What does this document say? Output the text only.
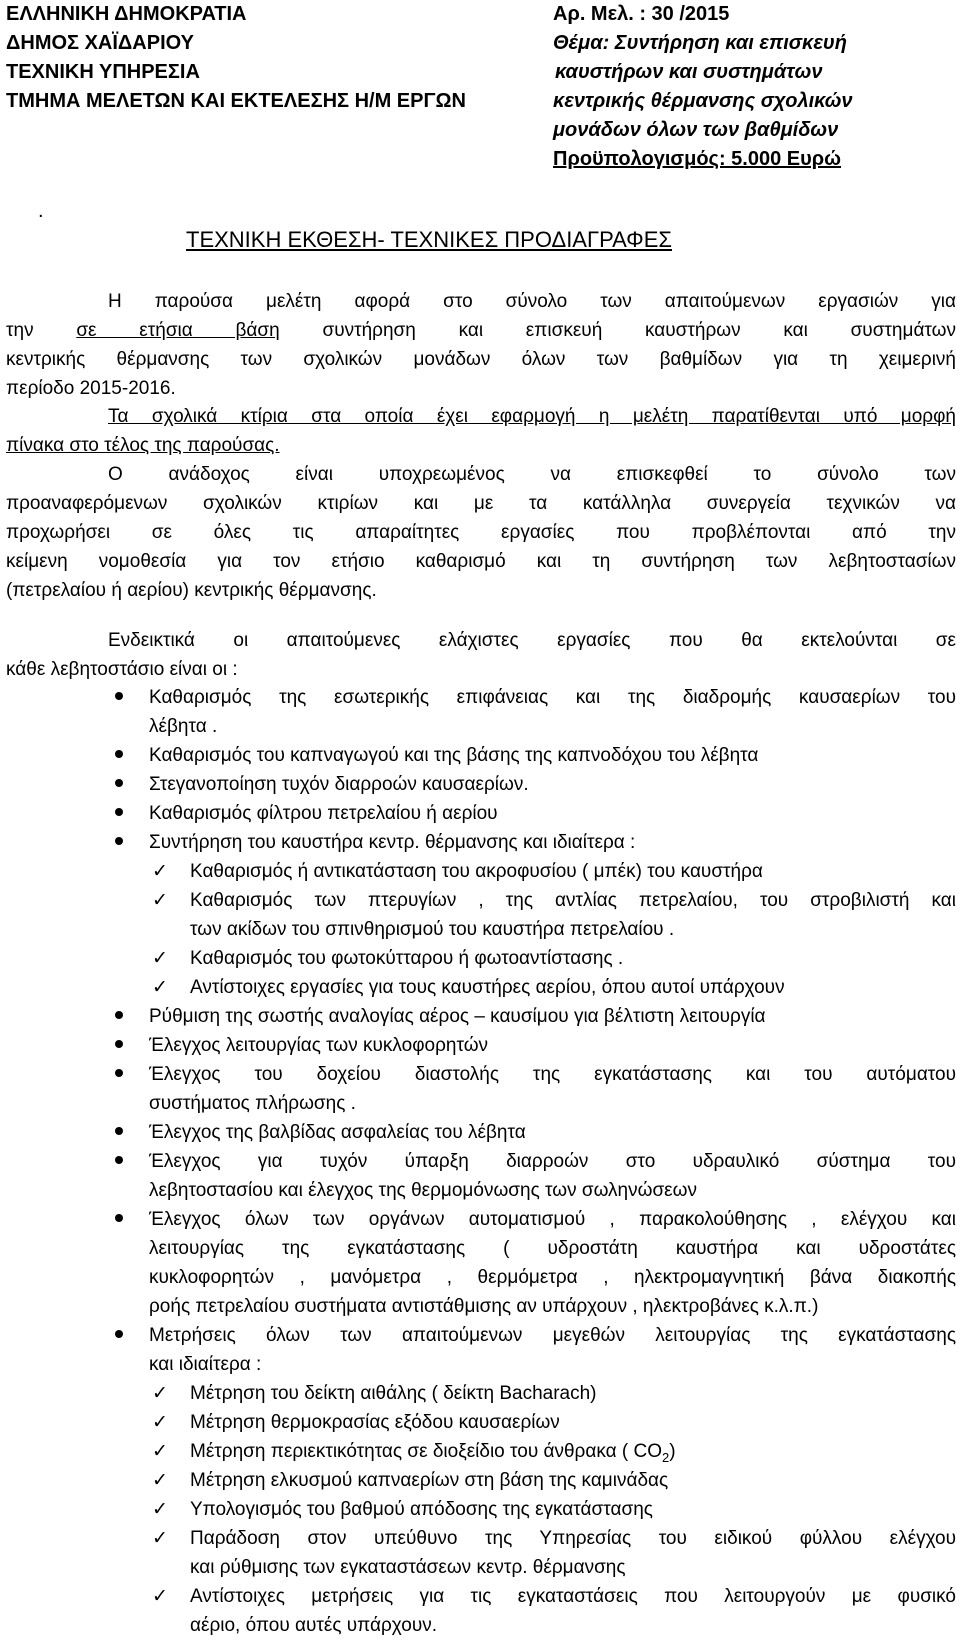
ΕΛΛΗΝΙΚΗ ΔΗΜΟΚΡΑΤΙΑ
ΔΗΜΟΣ ΧΑΪΔΑΡΙΟΥ
ΤΕΧΝΙΚΗ ΥΠΗΡΕΣΙΑ
ΤΜΗΜΑ ΜΕΛΕΤΩΝ ΚΑΙ ΕΚΤΕΛΕΣΗΣ Η/Μ ΕΡΓΩΝ
Αρ. Μελ. : 30 /2015
Θέμα: Συντήρηση και επισκευή
καυστήρων και συστημάτων
κεντρικής θέρμανσης σχολικών
μονάδων όλων των βαθμίδων
Προϋπολογισμός: 5.000 Ευρώ
.
ΤΕΧΝΙΚΗ ΕΚΘΕΣΗ- ΤΕΧΝΙΚΕΣ ΠΡΟΔΙΑΓΡΑΦΕΣ
Η παρούσα μελέτη αφορά στο σύνολο των απαιτούμενων εργασιών για
την σε ετήσια βάση συντήρηση και επισκευή καυστήρων και συστημάτων
κεντρικής θέρμανσης των σχολικών μονάδων όλων των βαθμίδων για τη χειμερινή
περίοδο 2015-2016.
Τα σχολικά κτίρια στα οποία έχει εφαρμογή η μελέτη παρατίθενται υπό μορφή
πίνακα στο τέλος της παρούσας.
Ο ανάδοχος είναι υποχρεωμένος να επισκεφθεί το σύνολο των
προαναφερόμενων σχολικών κτιρίων και με τα κατάλληλα συνεργεία τεχνικών να
προχωρήσει σε όλες τις απαραίτητες εργασίες που προβλέπονται από την
κείμενη νομοθεσία για τον ετήσιο καθαρισμό και τη συντήρηση των λεβητοστασίων
(πετρελαίου ή αερίου) κεντρικής θέρμανσης.
Ενδεικτικά οι απαιτούμενες ελάχιστες εργασίες που θα εκτελούνται σε
κάθε λεβητοστάσιο είναι οι :
Καθαρισμός της εσωτερικής επιφάνειας και της διαδρομής καυσαερίων του
λέβητα .
Καθαρισμός του καπναγωγού και της βάσης της καπνοδόχου του λέβητα
Στεγανοποίηση τυχόν διαρροών καυσαερίων.
Καθαρισμός φίλτρου πετρελαίου ή αερίου
Συντήρηση του καυστήρα κεντρ. θέρμανσης και ιδιαίτερα :
✓ Καθαρισμός ή αντικατάσταση του ακροφυσίου ( μπέκ) του καυστήρα
✓ Καθαρισμός των πτερυγίων , της αντλίας πετρελαίου, του στροβιλιστή και
των ακίδων του σπινθηρισμού του καυστήρα πετρελαίου .
✓ Καθαρισμός του φωτοκύτταρου ή φωτοαντίστασης .
✓ Αντίστοιχες εργασίες για τους καυστήρες αερίου, όπου αυτοί υπάρχουν
Ρύθμιση της σωστής αναλογίας αέρος – καυσίμου για βέλτιστη λειτουργία
Έλεγχος λειτουργίας των κυκλοφορητών
Έλεγχος του δοχείου διαστολής της εγκατάστασης και του αυτόματου
συστήματος πλήρωσης .
Έλεγχος της βαλβίδας ασφαλείας του λέβητα
Έλεγχος για τυχόν ύπαρξη διαρροών στο υδραυλικό σύστημα του
λεβητοστασίου και έλεγχος της θερμομόνωσης των σωληνώσεων
Έλεγχος όλων των οργάνων αυτοματισμού , παρακολούθησης , ελέγχου και
λειτουργίας της εγκατάστασης ( υδροστάτη καυστήρα και υδροστάτες
κυκλοφορητών , μανόμετρα , θερμόμετρα , ηλεκτρομαγνητική βάνα διακοπής
ροής πετρελαίου συστήματα αντιστάθμισης αν υπάρχουν , ηλεκτροβάνες κ.λ.π.)
Μετρήσεις όλων των απαιτούμενων μεγεθών λειτουργίας της εγκατάστασης
και ιδιαίτερα :
✓ Μέτρηση του δείκτη αιθάλης ( δείκτη Bacharach)
✓ Μέτρηση θερμοκρασίας εξόδου καυσαερίων
✓ Μέτρηση περιεκτικότητας σε διοξείδιο του άνθρακα ( $CO_2$)
✓ Μέτρηση ελκυσμού καπναερίων στη βάση της καμινάδας
✓ Υπολογισμός του βαθμού απόδοσης της εγκατάστασης
✓ Παράδοση στον υπεύθυνο της Υπηρεσίας του ειδικού φύλλου ελέγχου
και ρύθμισης των εγκαταστάσεων κεντρ. θέρμανσης
✓ Αντίστοιχες μετρήσεις για τις εγκαταστάσεις που λειτουργούν με φυσικό
αέριο, όπου αυτές υπάρχουν.
